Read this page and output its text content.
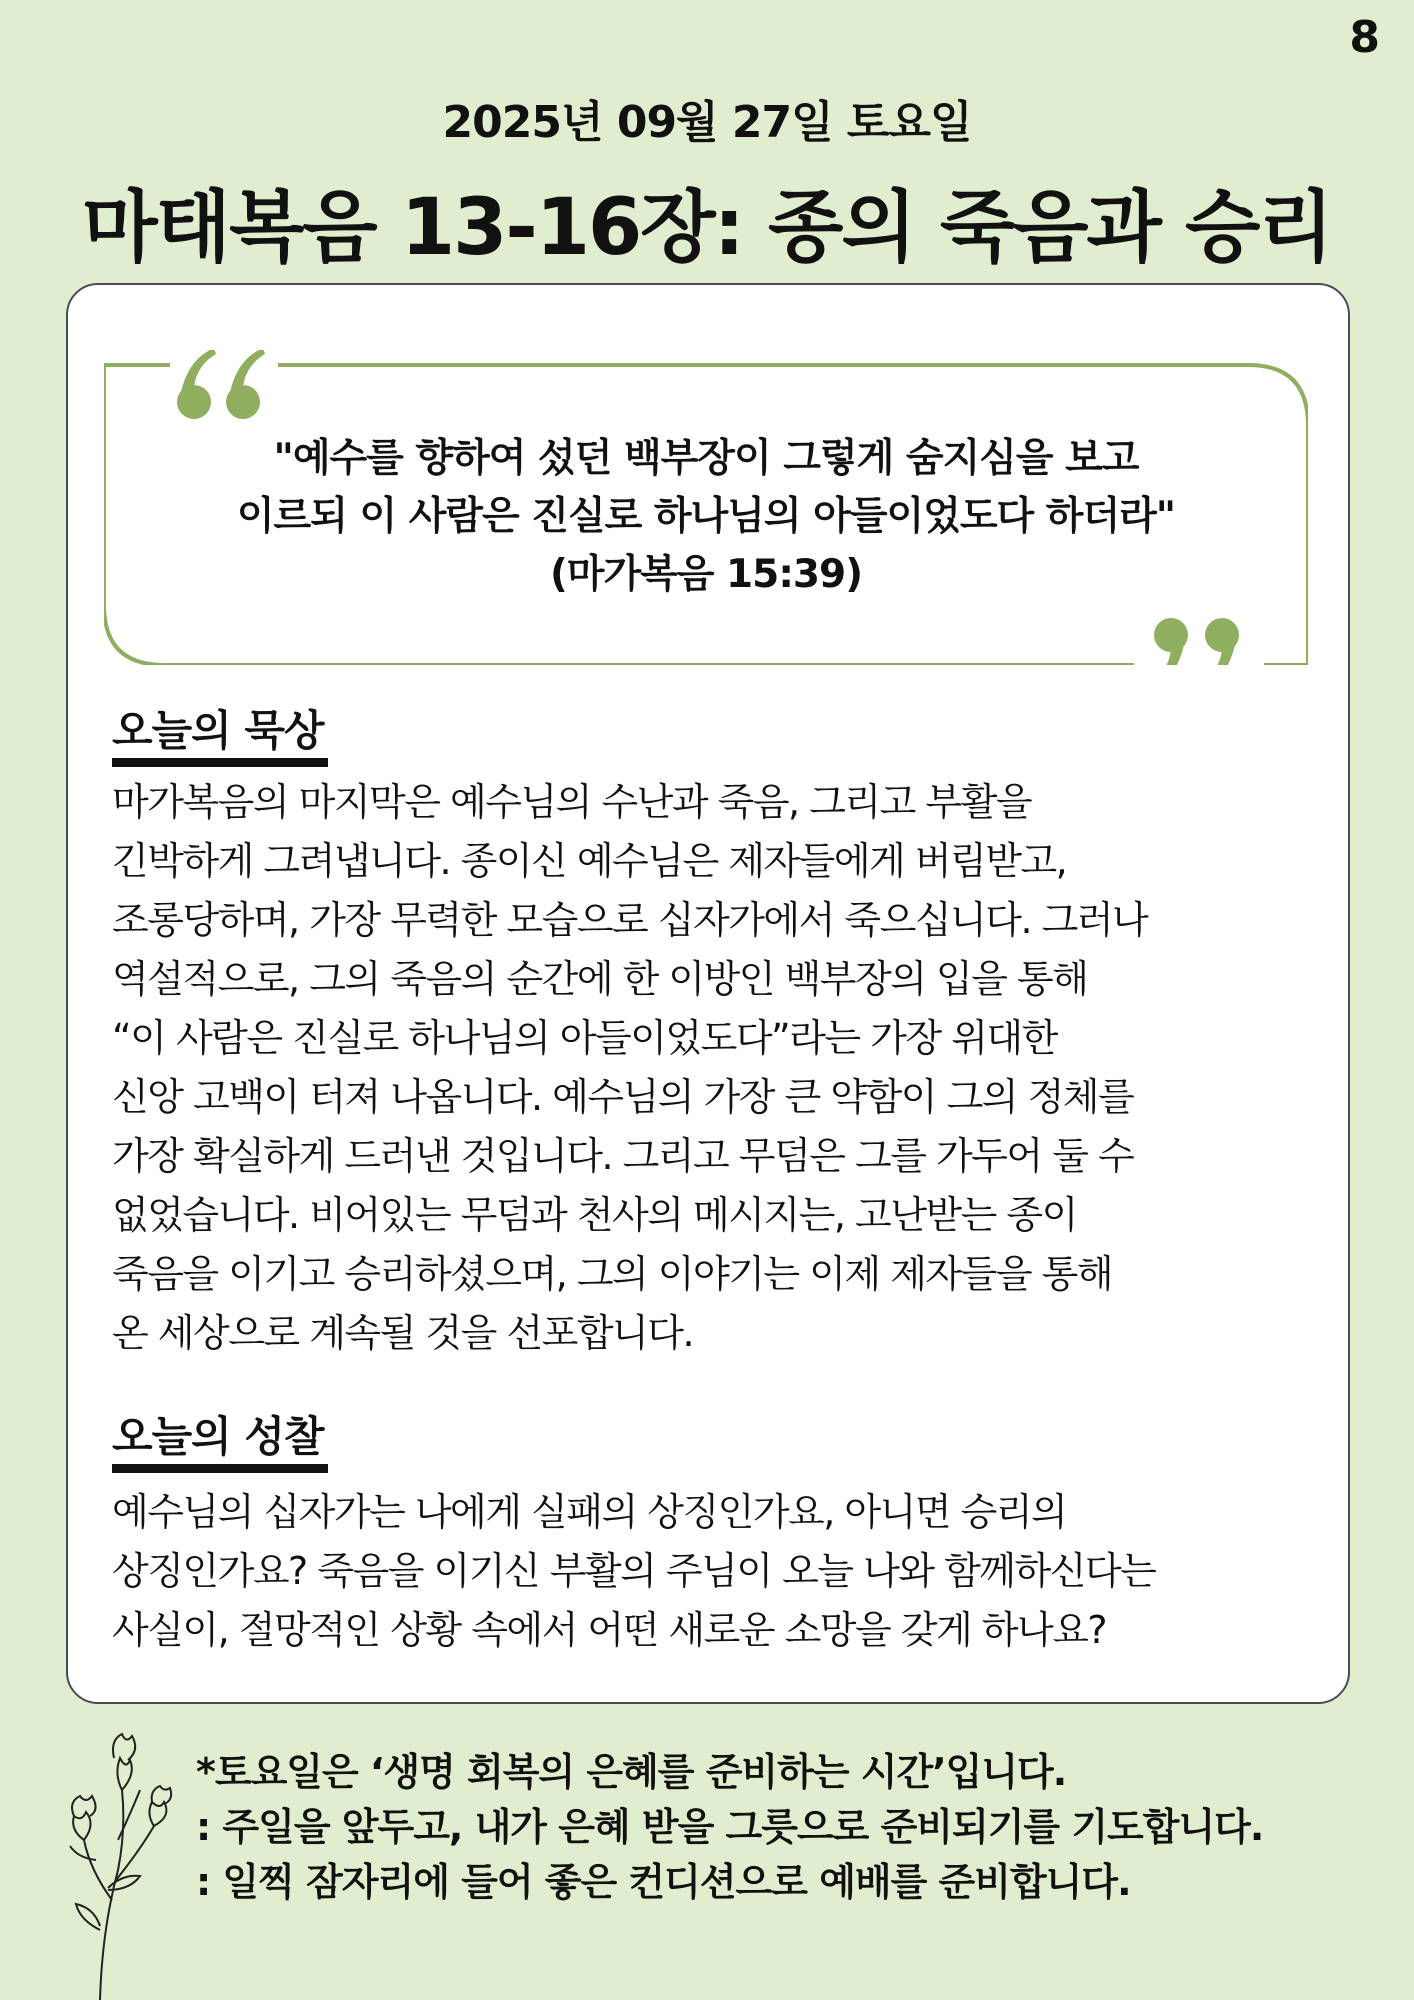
8
2025년 09월 27일 토요일
마태복음 13-16장: 종의 죽음과 승리
"예수를 향하여 섰던 백부장이 그렇게 숨지심을 보고
이르되 이 사람은 진실로 하나님의 아들이었도다 하더라"
(마가복음 15:39)
오늘의 묵상
마가복음의 마지막은 예수님의 수난과 죽음, 그리고 부활을
긴박하게 그려냅니다. 종이신 예수님은 제자들에게 버림받고,
조롱당하며, 가장 무력한 모습으로 십자가에서 죽으십니다. 그러나
역설적으로, 그의 죽음의 순간에 한 이방인 백부장의 입을 통해
“이 사람은 진실로 하나님의 아들이었도다”라는 가장 위대한
신앙 고백이 터져 나옵니다. 예수님의 가장 큰 약함이 그의 정체를
가장 확실하게 드러낸 것입니다. 그리고 무덤은 그를 가두어 둘 수
없었습니다. 비어있는 무덤과 천사의 메시지는, 고난받는 종이
죽음을 이기고 승리하셨으며, 그의 이야기는 이제 제자들을 통해
온 세상으로 계속될 것을 선포합니다.
오늘의 성찰
예수님의 십자가는 나에게 실패의 상징인가요, 아니면 승리의
상징인가요? 죽음을 이기신 부활의 주님이 오늘 나와 함께하신다는
사실이, 절망적인 상황 속에서 어떤 새로운 소망을 갖게 하나요?
*토요일은 ‘생명 회복의 은혜를 준비하는 시간’입니다.
: 주일을 앞두고, 내가 은혜 받을 그릇으로 준비되기를 기도합니다.
: 일찍 잠자리에 들어 좋은 컨디션으로 예배를 준비합니다.
